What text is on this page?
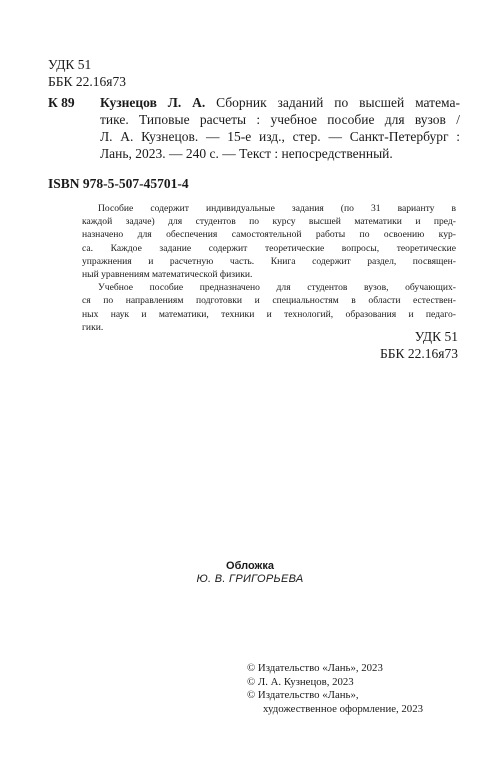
УДК 51
ББК 22.16я73
К 89 Кузнецов Л. А. Сборник заданий по высшей матема-
тике. Типовые расчеты : учебное пособие для вузов /
Л. А. Кузнецов. — 15-е изд., стер. — Санкт-Петербург :
Лань, 2023. — 240 с. — Текст : непосредственный.
ISBN 978-5-507-45701-4
Пособие содержит индивидуальные задания (по 31 варианту в
каждой задаче) для студентов по курсу высшей математики и пред-
назначено для обеспечения самостоятельной работы по освоению кур-
са. Каждое задание содержит теоретические вопросы, теоретические
упражнения и расчетную часть. Книга содержит раздел, посвящен-
ный уравнениям математической физики.
Учебное пособие предназначено для студентов вузов, обучающих-
ся по направлениям подготовки и специальностям в области естествен-
ных наук и математики, техники и технологий, образования и педаго-
гики.
УДК 51
ББК 22.16я73
Обложка
Ю. В. ГРИГОРЬЕВА
© Издательство «Лань», 2023
© Л. А. Кузнецов, 2023
© Издательство «Лань»,
художественное оформление, 2023
